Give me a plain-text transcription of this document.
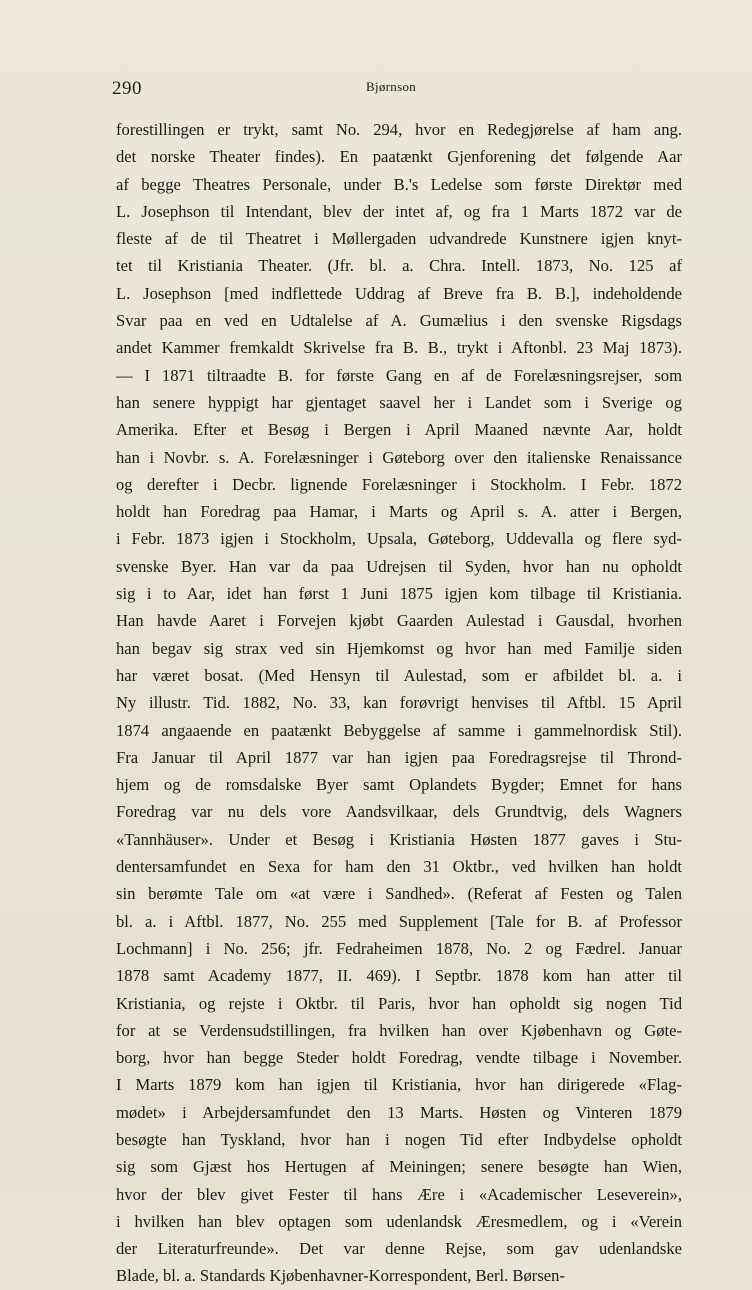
290	Bjørnson
forestillingen er trykt, samt No. 294, hvor en Redegjørelse af ham ang.
det norske Theater findes). En paatænkt Gjenforening det følgende Aar
af begge Theatres Personale, under B.'s Ledelse som første Direktør med
L. Josephson til Intendant, blev der intet af, og fra 1 Marts 1872 var de
fleste af de til Theatret i Møllergaden udvandrede Kunstnere igjen knyt-
tet til Kristiania Theater. (Jfr. bl. a. Chra. Intell. 1873, No. 125 af
L. Josephson [med indflettede Uddrag af Breve fra B. B.], indeholdende
Svar paa en ved en Udtalelse af A. Gumælius i den svenske Rigsdags
andet Kammer fremkaldt Skrivelse fra B. B., trykt i Aftonbl. 23 Maj 1873).
— I 1871 tiltraadte B. for første Gang en af de Forelæsningsrejser, som
han senere hyppigt har gjentaget saavel her i Landet som i Sverige og
Amerika. Efter et Besøg i Bergen i April Maaned nævnte Aar, holdt
han i Novbr. s. A. Forelæsninger i Gøteborg over den italienske Renaissance
og derefter i Decbr. lignende Forelæsninger i Stockholm. I Febr. 1872
holdt han Foredrag paa Hamar, i Marts og April s. A. atter i Bergen,
i Febr. 1873 igjen i Stockholm, Upsala, Gøteborg, Uddevalla og flere syd-
svenske Byer. Han var da paa Udrejsen til Syden, hvor han nu opholdt
sig i to Aar, idet han først 1 Juni 1875 igjen kom tilbage til Kristiania.
Han havde Aaret i Forvejen kjøbt Gaarden Aulestad i Gausdal, hvorhen
han begav sig strax ved sin Hjemkomst og hvor han med Familje siden
har været bosat. (Med Hensyn til Aulestad, som er afbildet bl. a. i
Ny illustr. Tid. 1882, No. 33, kan forøvrigt henvises til Aftbl. 15 April
1874 angaaende en paatænkt Bebyggelse af samme i gammelnordisk Stil).
Fra Januar til April 1877 var han igjen paa Foredragsrejse til Thrond-
hjem og de romsdalske Byer samt Oplandets Bygder; Emnet for hans
Foredrag var nu dels vore Aandsvilkaar, dels Grundtvig, dels Wagners
«Tannhäuser». Under et Besøg i Kristiania Høsten 1877 gaves i Stu-
dentersamfundet en Sexa for ham den 31 Oktbr., ved hvilken han holdt
sin berømte Tale om «at være i Sandhed». (Referat af Festen og Talen
bl. a. i Aftbl. 1877, No. 255 med Supplement [Tale for B. af Professor
Lochmann] i No. 256; jfr. Fedraheimen 1878, No. 2 og Fædrel. Januar
1878 samt Academy 1877, II. 469). I Septbr. 1878 kom han atter til
Kristiania, og rejste i Oktbr. til Paris, hvor han opholdt sig nogen Tid
for at se Verdensudstillingen, fra hvilken han over Kjøbenhavn og Gøte-
borg, hvor han begge Steder holdt Foredrag, vendte tilbage i November.
I Marts 1879 kom han igjen til Kristiania, hvor han dirigerede «Flag-
mødet» i Arbejdersamfundet den 13 Marts. Høsten og Vinteren 1879
besøgte han Tyskland, hvor han i nogen Tid efter Indbydelse opholdt
sig som Gjæst hos Hertugen af Meiningen; senere besøgte han Wien,
hvor der blev givet Fester til hans Ære i «Academischer Leseverein»,
i hvilken han blev optagen som udenlandsk Æresmedlem, og i «Verein
der Literaturfreunde». Det var denne Rejse, som gav udenlandske
Blade, bl. a. Standards Kjøbenhavner-Korrespondent, Berl. Børsen-
